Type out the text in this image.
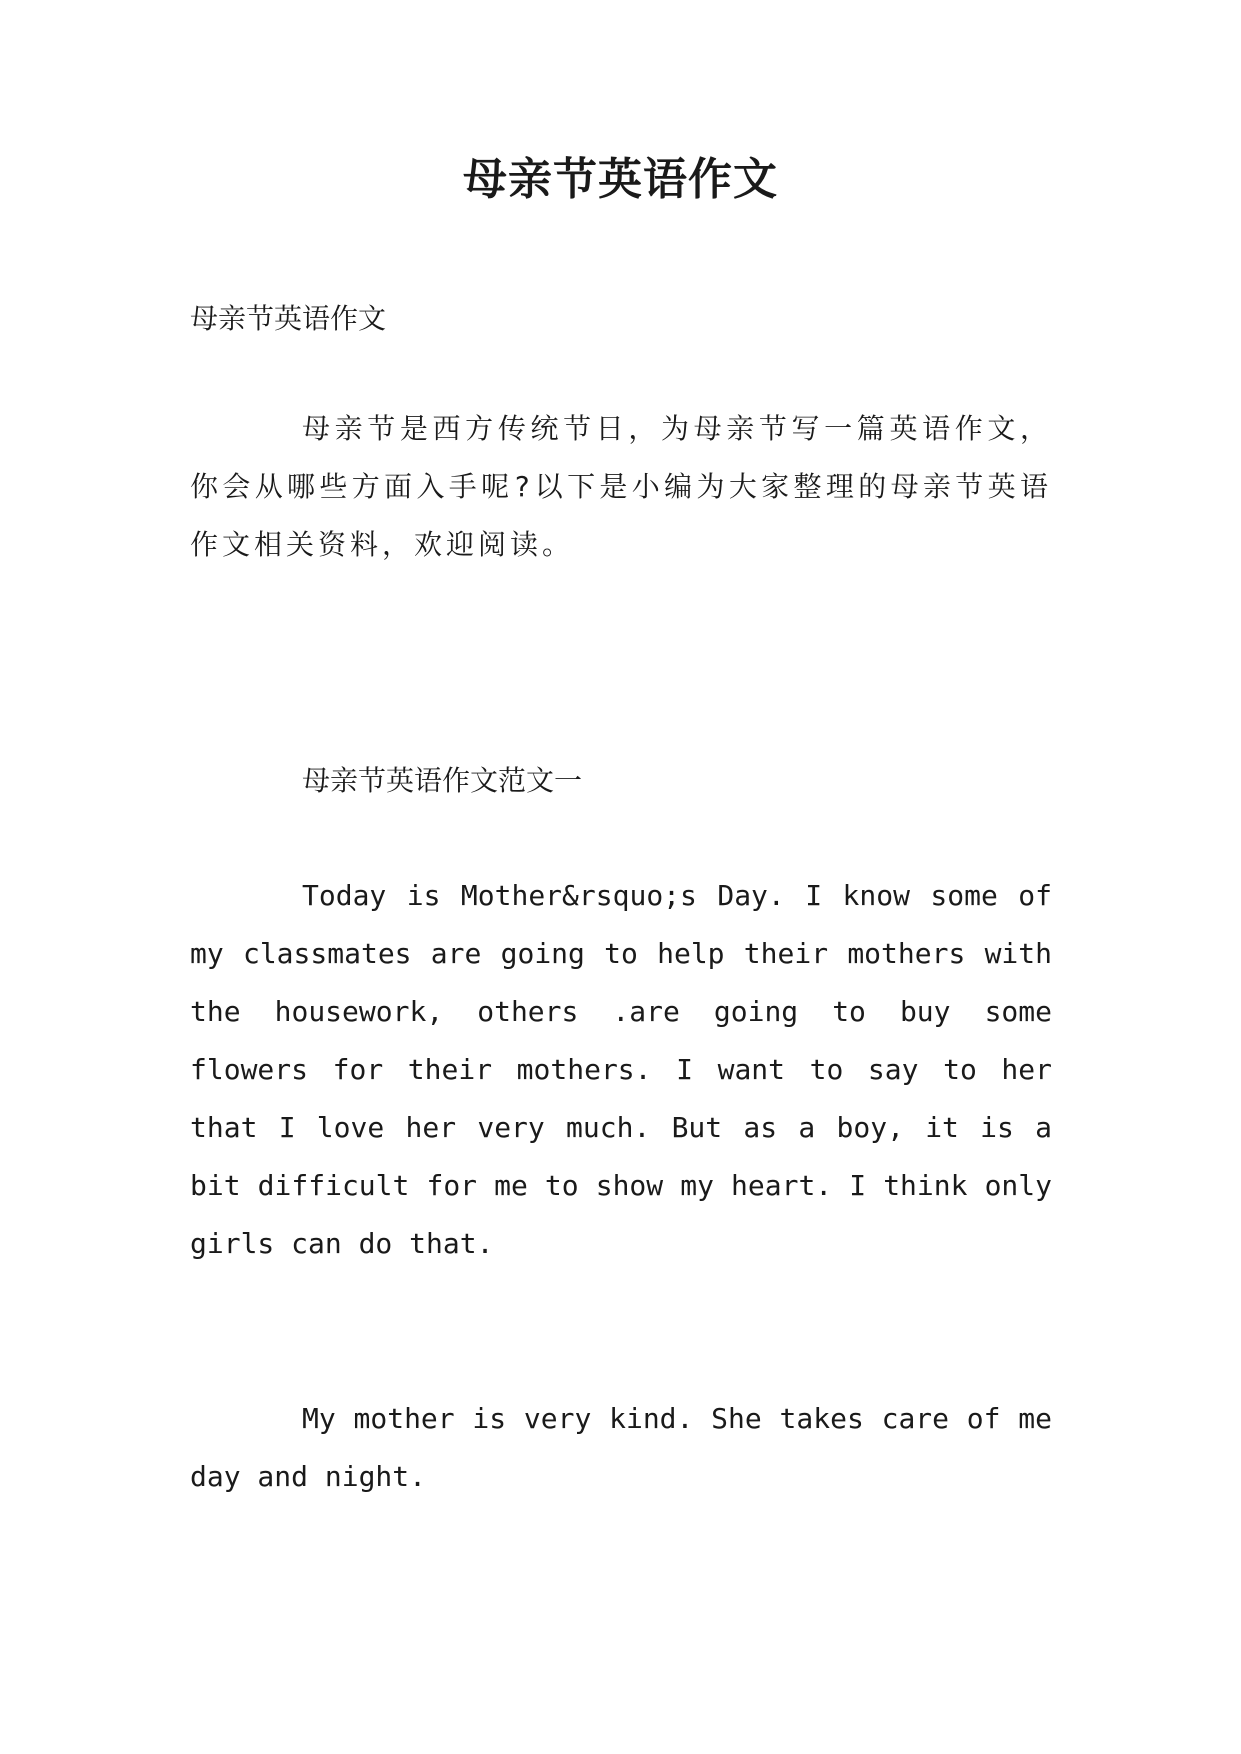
母亲节英语作文

母亲节英语作文

母亲节是西方传统节日，为母亲节写一篇英语作文，你会从哪些方面入手呢?以下是小编为大家整理的母亲节英语作文相关资料，欢迎阅读。

母亲节英语作文范文一

Today is Mother&rsquo;s Day. I know some of my classmates are going to help their mothers with the housework, others .are going to buy some flowers for their mothers. I want to say to her that I love her very much. But as a boy, it is a bit difficult for me to show my heart. I think only girls can do that.

My mother is very kind. She takes care of me day and night.
